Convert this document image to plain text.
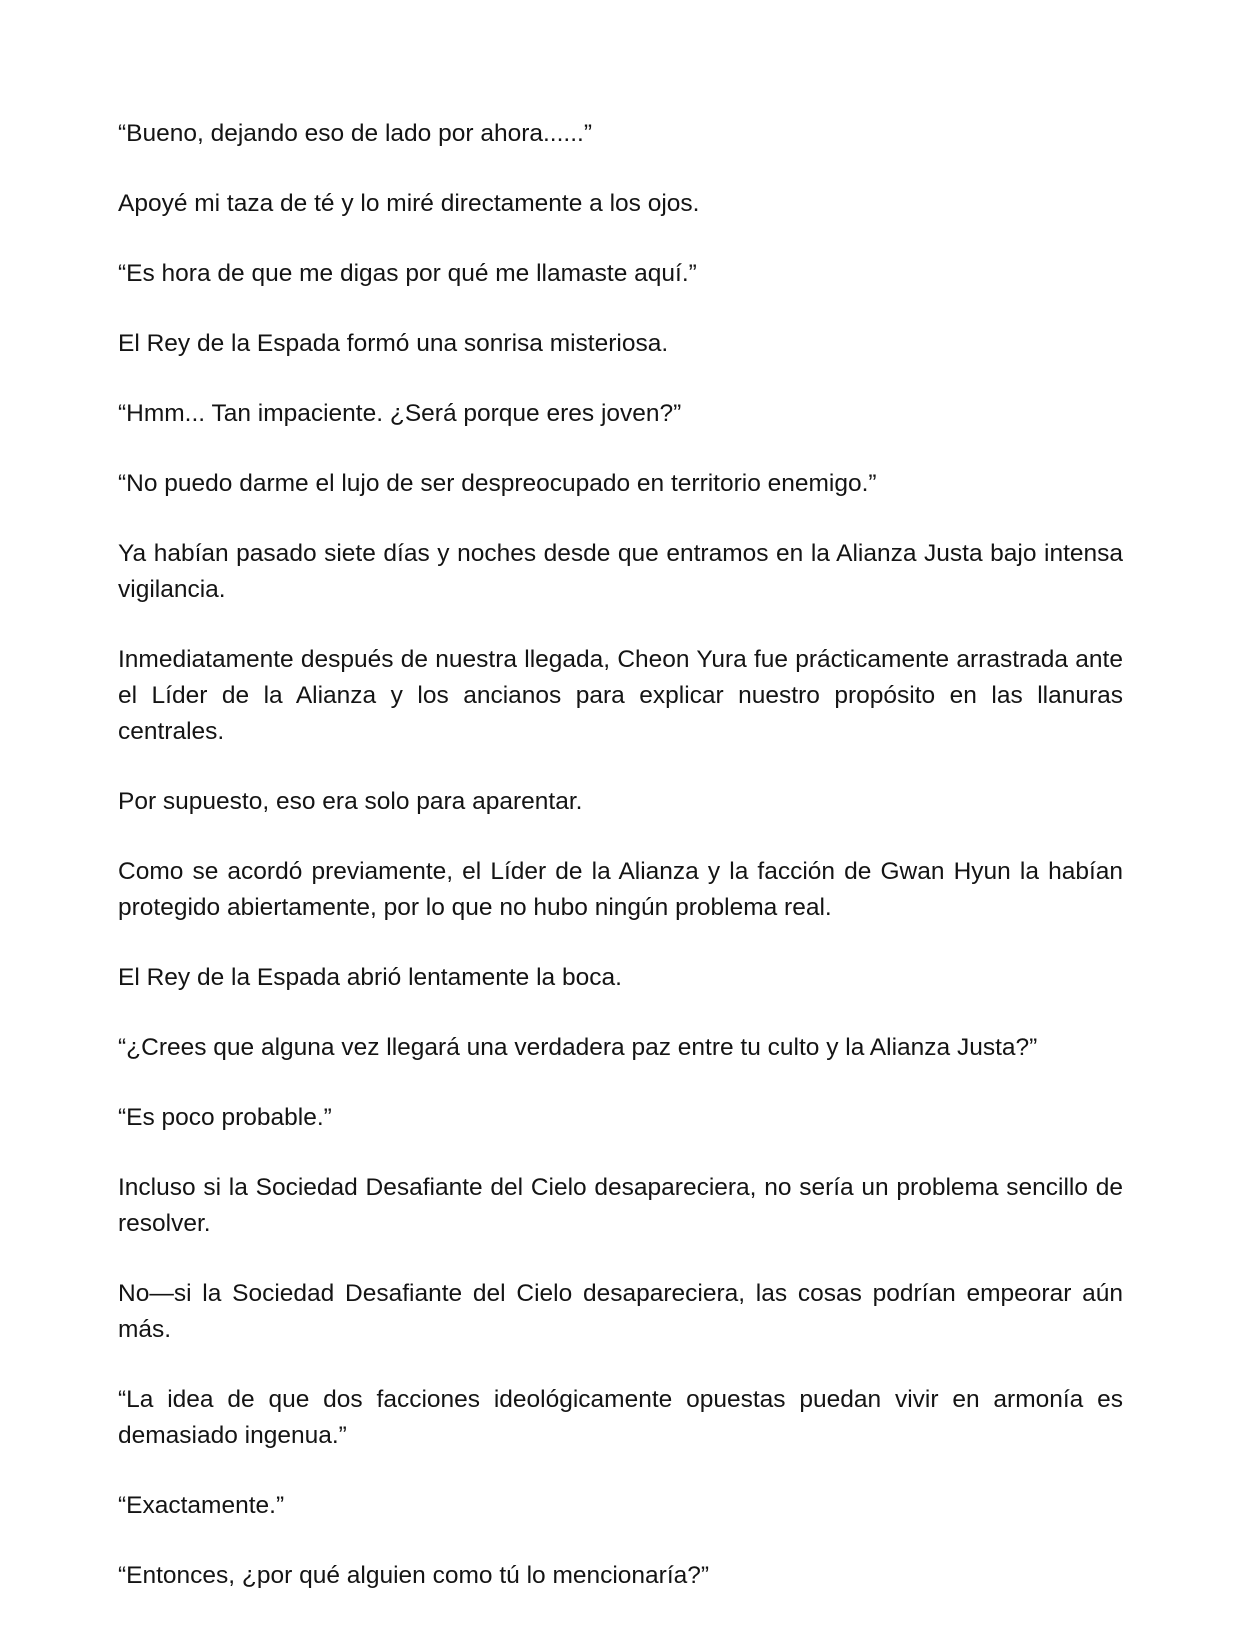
“Bueno, dejando eso de lado por ahora......”

Apoyé mi taza de té y lo miré directamente a los ojos.

“Es hora de que me digas por qué me llamaste aquí.”

El Rey de la Espada formó una sonrisa misteriosa.

“Hmm... Tan impaciente. ¿Será porque eres joven?”

“No puedo darme el lujo de ser despreocupado en territorio enemigo.”

Ya habían pasado siete días y noches desde que entramos en la Alianza Justa bajo intensa vigilancia.

Inmediatamente después de nuestra llegada, Cheon Yura fue prácticamente arrastrada ante el Líder de la Alianza y los ancianos para explicar nuestro propósito en las llanuras centrales.

Por supuesto, eso era solo para aparentar.

Como se acordó previamente, el Líder de la Alianza y la facción de Gwan Hyun la habían protegido abiertamente, por lo que no hubo ningún problema real.

El Rey de la Espada abrió lentamente la boca.

“¿Crees que alguna vez llegará una verdadera paz entre tu culto y la Alianza Justa?”

“Es poco probable.”

Incluso si la Sociedad Desafiante del Cielo desapareciera, no sería un problema sencillo de resolver.

No—si la Sociedad Desafiante del Cielo desapareciera, las cosas podrían empeorar aún más.

“La idea de que dos facciones ideológicamente opuestas puedan vivir en armonía es demasiado ingenua.”

“Exactamente.”

“Entonces, ¿por qué alguien como tú lo mencionaría?”
